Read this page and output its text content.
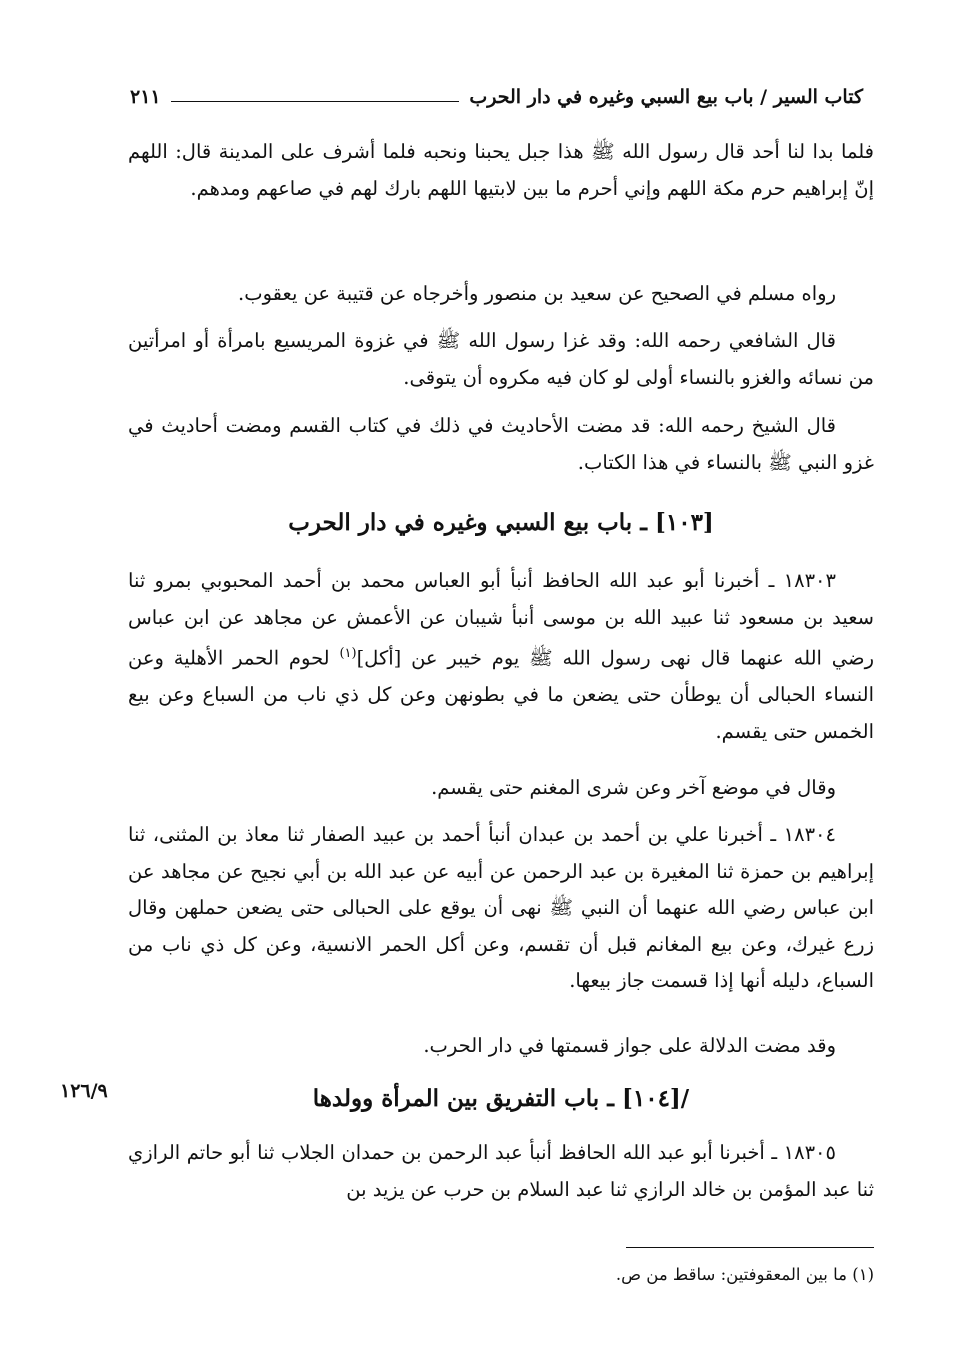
كتاب السير / باب بيع السبي وغيره في دار الحرب
٢١١

فلما بدا لنا أحد قال رسول الله ﷺ هذا جبل يحبنا ونحبه فلما أشرف على المدينة قال: اللهم إنّ إبراهيم حرم مكة اللهم وإني أحرم ما بين لابتيها اللهم بارك لهم في صاعهم ومدهم.

رواه مسلم في الصحيح عن سعيد بن منصور وأخرجاه عن قتيبة عن يعقوب.

قال الشافعي رحمه الله: وقد غزا رسول الله ﷺ في غزوة المريسيع بامرأة أو امرأتين من نسائه والغزو بالنساء أولى لو كان فيه مكروه أن يتوقى.

قال الشيخ رحمه الله: قد مضت الأحاديث في ذلك في كتاب القسم ومضت أحاديث في غزو النبي ﷺ بالنساء في هذا الكتاب.

[١٠٣] ـ باب بيع السبي وغيره في دار الحرب

١٨٣٠٣ ـ أخبرنا أبو عبد الله الحافظ أنبأ أبو العباس محمد بن أحمد المحبوبي بمرو ثنا سعيد بن مسعود ثنا عبيد الله بن موسى أنبأ شيبان عن الأعمش عن مجاهد عن ابن عباس رضي الله عنهما قال نهى رسول الله ﷺ يوم خيبر عن [أكل]$^{(١)}$ لحوم الحمر الأهلية وعن النساء الحبالى أن يوطأن حتى يضعن ما في بطونهن وعن كل ذي ناب من السباع وعن بيع الخمس حتى يقسم.

وقال في موضع آخر وعن شرى المغنم حتى يقسم.

١٨٣٠٤ ـ أخبرنا علي بن أحمد بن عبدان أنبأ أحمد بن عبيد الصفار ثنا معاذ بن المثنى، ثنا إبراهيم بن حمزة ثنا المغيرة بن عبد الرحمن عن أبيه عن عبد الله بن أبي نجيح عن مجاهد عن ابن عباس رضي الله عنهما أن النبي ﷺ نهى أن يوقع على الحبالى حتى يضعن حملهن وقال زرع غيرك، وعن بيع المغانم قبل أن تقسم، وعن أكل الحمر الانسية، وعن كل ذي ناب من السباع، دليله أنها إذا قسمت جاز بيعها.

وقد مضت الدلالة على جواز قسمتها في دار الحرب.

/[١٠٤] ـ باب التفريق بين المرأة وولدها
١٢٦/٩

١٨٣٠٥ ـ أخبرنا أبو عبد الله الحافظ أنبأ عبد الرحمن بن حمدان الجلاب ثنا أبو حاتم الرازي ثنا عبد المؤمن بن خالد الرازي ثنا عبد السلام بن حرب عن يزيد بن

(١) ما بين المعقوفتين: ساقط من ص.
